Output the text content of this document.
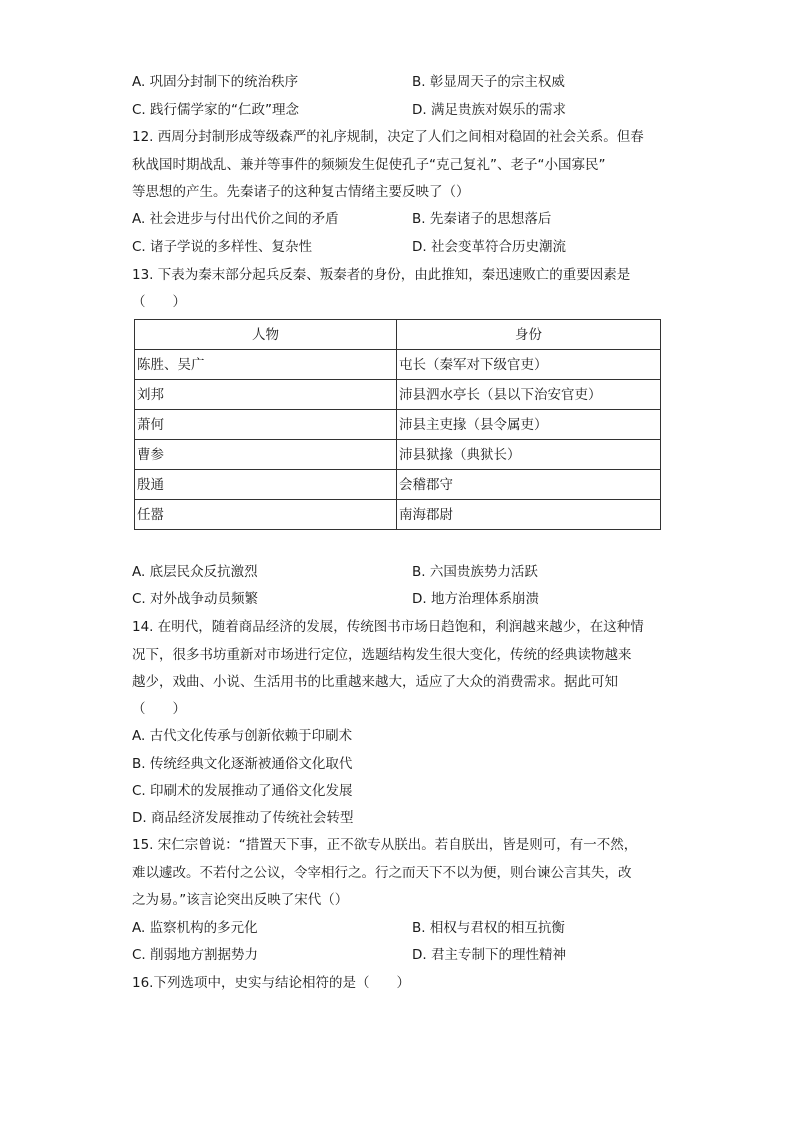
A. 巩固分封制下的统治秩序	B. 彰显周天子的宗主权威
C. 践行儒学家的“仁政”理念	D. 满足贵族对娱乐的需求
12. 西周分封制形成等级森严的礼序规制，决定了人们之间相对稳固的社会关系。但春
秋战国时期战乱、兼并等事件的频频发生促使孔子“克己复礼”、老子“小国寡民”
等思想的产生。先秦诸子的这种复古情绪主要反映了（）
A. 社会进步与付出代价之间的矛盾	B. 先秦诸子的思想落后
C. 诸子学说的多样性、复杂性	D. 社会变革符合历史潮流
13. 下表为秦末部分起兵反秦、叛秦者的身份，由此推知，秦迅速败亡的重要因素是
（　　）
人物	身份
陈胜、吴广	屯长（秦军对下级官吏）
刘邦	沛县泗水亭长（县以下治安官吏）
萧何	沛县主吏掾（县令属吏）
曹参	沛县狱掾（典狱长）
殷通	会稽郡守
任嚣	南海郡尉
A. 底层民众反抗激烈	B. 六国贵族势力活跃
C. 对外战争动员频繁	D. 地方治理体系崩溃
14. 在明代，随着商品经济的发展，传统图书市场日趋饱和，利润越来越少，在这种情
况下，很多书坊重新对市场进行定位，选题结构发生很大变化，传统的经典读物越来
越少，戏曲、小说、生活用书的比重越来越大，适应了大众的消费需求。据此可知
（　　）
A. 古代文化传承与创新依赖于印刷术
B. 传统经典文化逐渐被通俗文化取代
C. 印刷术的发展推动了通俗文化发展
D. 商品经济发展推动了传统社会转型
15. 宋仁宗曾说：“措置天下事，正不欲专从朕出。若自朕出，皆是则可，有一不然，
难以遽改。不若付之公议，令宰相行之。行之而天下不以为便，则台谏公言其失，改
之为易。”该言论突出反映了宋代（）
A. 监察机构的多元化	B. 相权与君权的相互抗衡
C. 削弱地方割据势力	D. 君主专制下的理性精神
16.下列选项中，史实与结论相符的是（　　）
